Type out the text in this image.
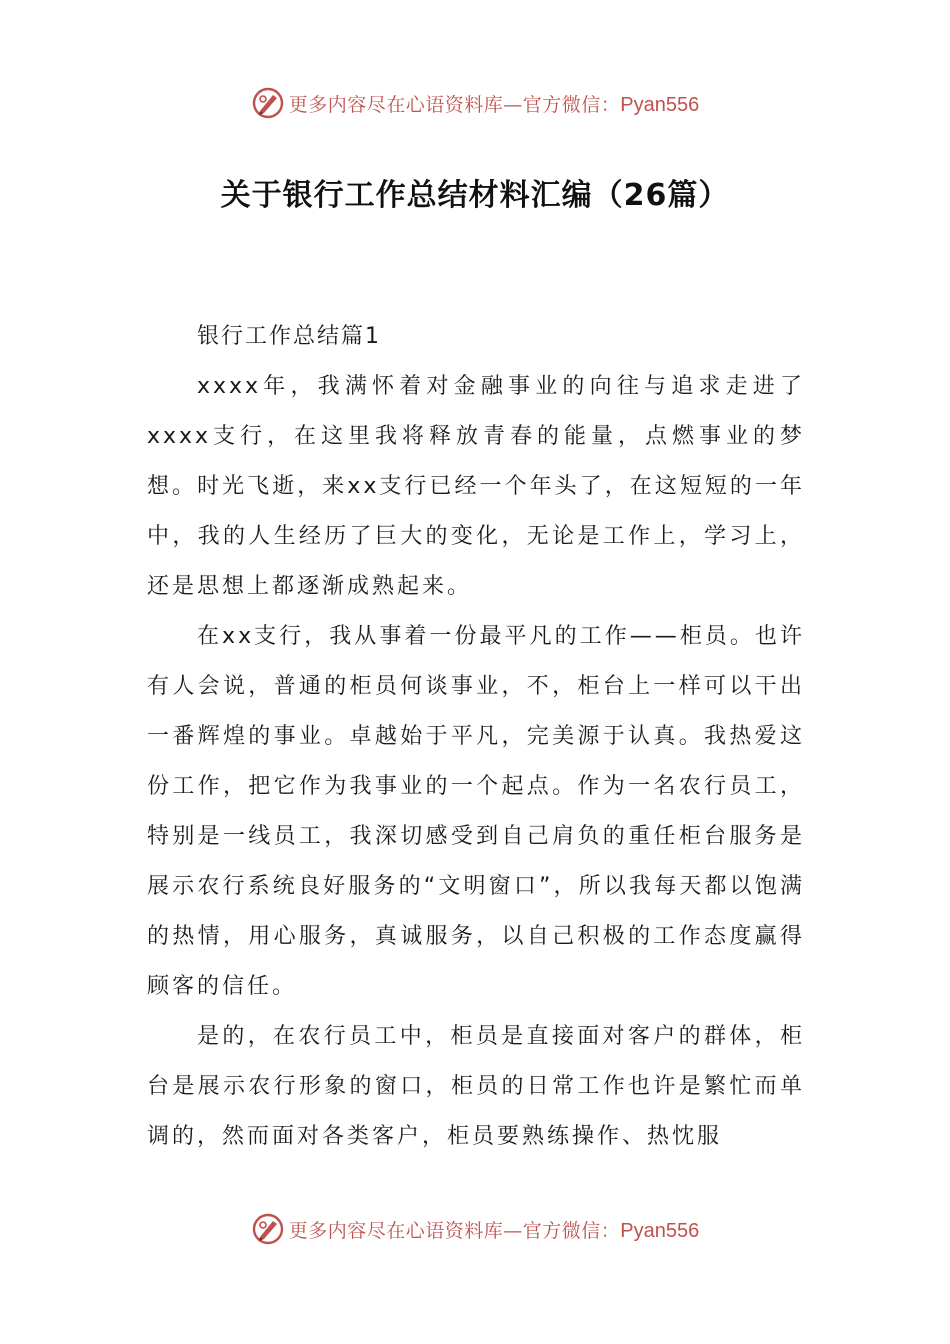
更多内容尽在心语资料库—官方微信：Pyan556
关于银行工作总结材料汇编（26篇）

银行工作总结篇1

xxxx年，我满怀着对金融事业的向往与追求走进了xxxx支行，在这里我将释放青春的能量，点燃事业的梦想。时光飞逝，来xx支行已经一个年头了，在这短短的一年中，我的人生经历了巨大的变化，无论是工作上，学习上，还是思想上都逐渐成熟起来。

在xx支行，我从事着一份最平凡的工作——柜员。也许有人会说，普通的柜员何谈事业，不，柜台上一样可以干出一番辉煌的事业。卓越始于平凡，完美源于认真。我热爱这份工作，把它作为我事业的一个起点。作为一名农行员工，特别是一线员工，我深切感受到自己肩负的重任柜台服务是展示农行系统良好服务的“文明窗口”，所以我每天都以饱满的热情，用心服务，真诚服务，以自己积极的工作态度赢得顾客的信任。

是的，在农行员工中，柜员是直接面对客户的群体，柜台是展示农行形象的窗口，柜员的日常工作也许是繁忙而单调的，然而面对各类客户，柜员要熟练操作、热忱服

更多内容尽在心语资料库—官方微信：Pyan556
